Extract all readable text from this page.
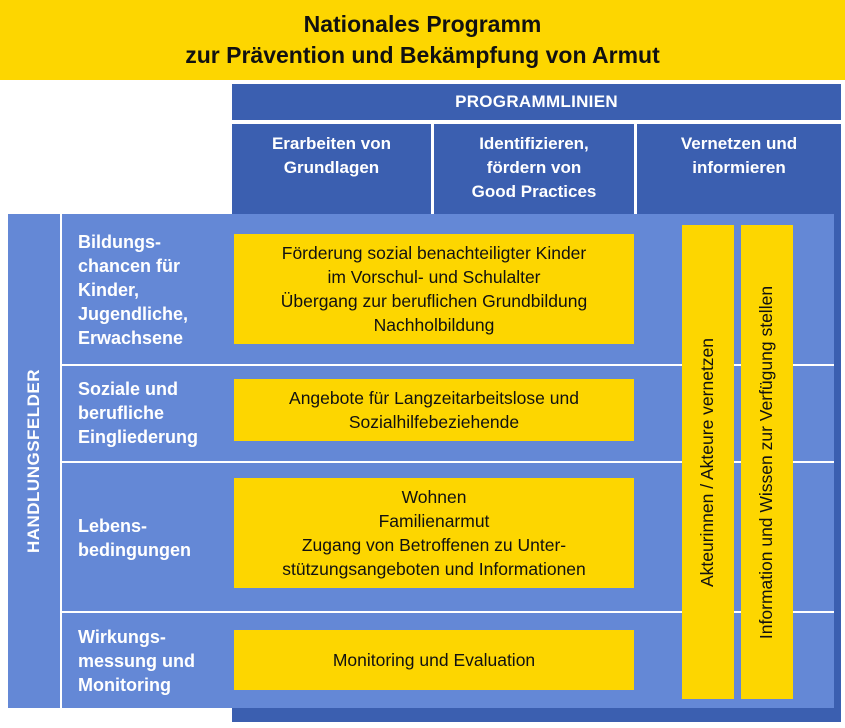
Nationales Programm
zur Prävention und Bekämpfung von Armut
PROGRAMMLINIEN
Erarbeiten von
Grundlagen
Identifizieren,
fördern von
Good Practices
Vernetzen und
informieren
HANDLUNGSFELDER
Bildungs-
chancen für
Kinder,
Jugendliche,
Erwachsene
Soziale und
berufliche
Eingliederung
Lebens-
bedingungen
Wirkungs-
messung und
Monitoring
Förderung sozial benachteiligter Kinder
im Vorschul- und Schulalter
Übergang zur beruflichen Grundbildung
Nachholbildung
Angebote für Langzeitarbeitslose und
Sozialhilfebeziehende
Wohnen
Familienarmut
Zugang von Betroffenen zu Unter-
stützungsangeboten und Informationen
Monitoring und Evaluation
Akteurinnen / Akteure vernetzen Information und Wissen zur Verfügung stellen
